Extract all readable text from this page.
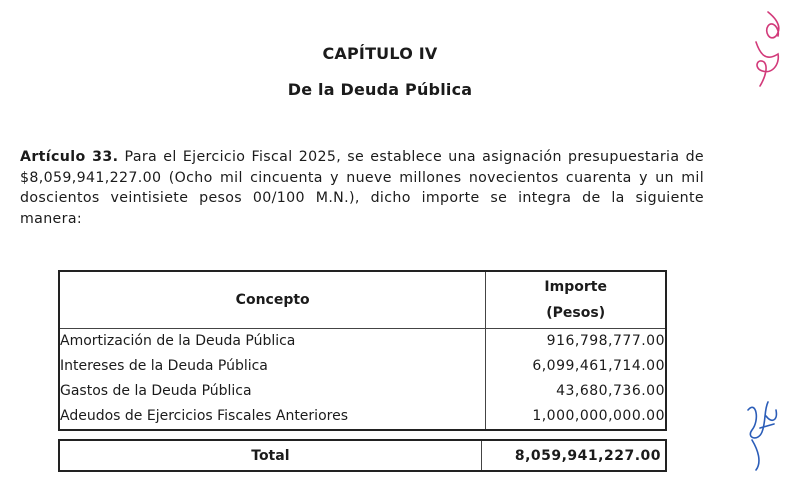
CAPÍTULO IV
De la Deuda Pública
Artículo 33. Para el Ejercicio Fiscal 2025, se establece una asignación presupuestaria de $8,059,941,227.00 (Ocho mil cincuenta y nueve millones novecientos cuarenta y un mil doscientos veintisiete pesos 00/100 M.N.), dicho importe se integra de la siguiente manera:
Concepto	Importe
(Pesos)

Amortización de la Deuda Pública	916,798,777.00
Intereses de la Deuda Pública	6,099,461,714.00
Gastos de la Deuda Pública	43,680,736.00
Adeudos de Ejercicios Fiscales Anteriores	1,000,000,000.00
Total	8,059,941,227.00
